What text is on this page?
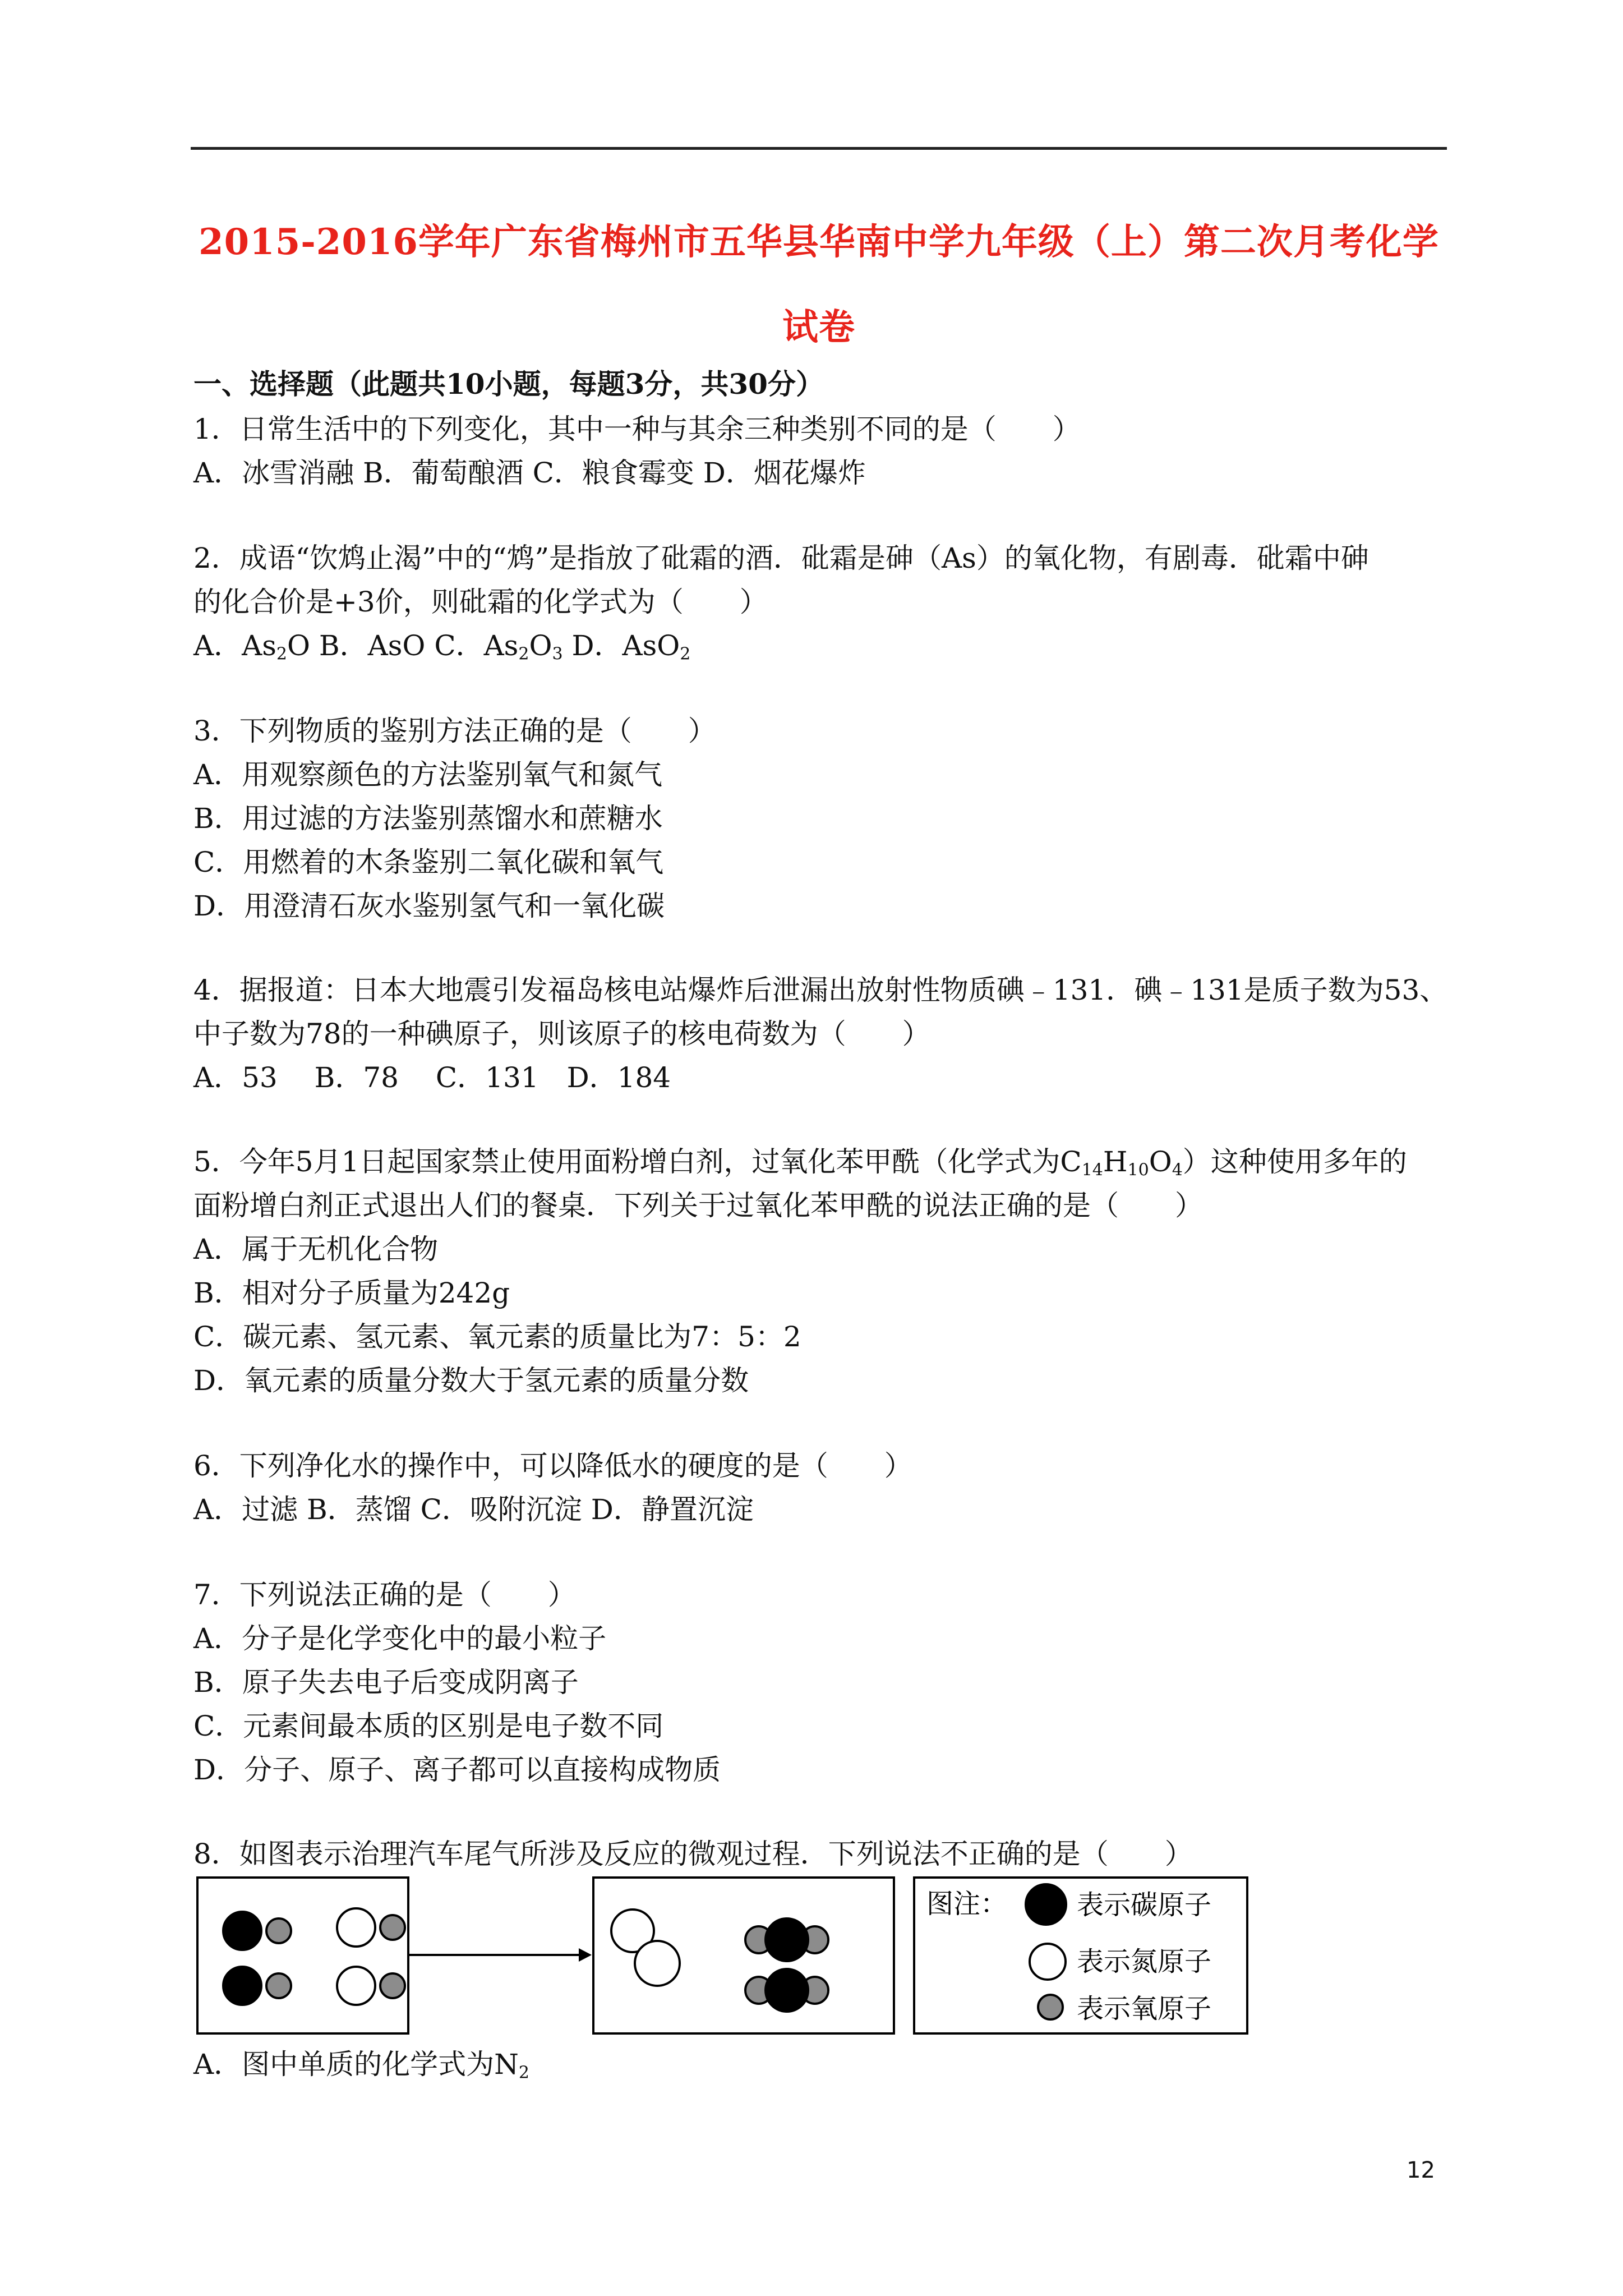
2015-2016学年广东省梅州市五华县华南中学九年级（上）第二次月考化学
试卷
一、选择题（此题共10小题，每题3分，共30分）
1．日常生活中的下列变化，其中一种与其余三种类别不同的是（　　）
A．冰雪消融 B．葡萄酿酒 C．粮食霉变 D．烟花爆炸
2．成语“饮鸩止渴”中的“鸩”是指放了砒霜的酒．砒霜是砷（As）的氧化物，有剧毒．砒霜中砷
的化合价是+3价，则砒霜的化学式为（　　）
A．$As_2O$ B．AsO C．$As_2O_3$ D．AsO$_2$
3．下列物质的鉴别方法正确的是（　　）
A．用观察颜色的方法鉴别氧气和氮气
B．用过滤的方法鉴别蒸馏水和蔗糖水
C．用燃着的木条鉴别二氧化碳和氧气
D．用澄清石灰水鉴别氢气和一氧化碳
4．据报道：日本大地震引发福岛核电站爆炸后泄漏出放射性物质碘﹣131．碘﹣131是质子数为53、
中子数为78的一种碘原子，则该原子的核电荷数为（　　）
A．53　 B．78　 C．131　D．184
5．今年5月1日起国家禁止使用面粉增白剂，过氧化苯甲酰（化学式为$C_{14}H_{10}O_4$）这种使用多年的
面粉增白剂正式退出人们的餐桌．下列关于过氧化苯甲酰的说法正确的是（　　）
A．属于无机化合物
B．相对分子质量为242g
C．碳元素、氢元素、氧元素的质量比为7：5：2
D．氧元素的质量分数大于氢元素的质量分数
6．下列净化水的操作中，可以降低水的硬度的是（　　）
A．过滤 B．蒸馏 C．吸附沉淀 D．静置沉淀
7．下列说法正确的是（　　）
A．分子是化学变化中的最小粒子
B．原子失去电子后变成阴离子
C．元素间最本质的区别是电子数不同
D．分子、原子、离子都可以直接构成物质
8．如图表示治理汽车尾气所涉及反应的微观过程．下列说法不正确的是（　　）
图注：	表示碳原子
表示氮原子
表示氧原子
A．图中单质的化学式为$N_2$
12
